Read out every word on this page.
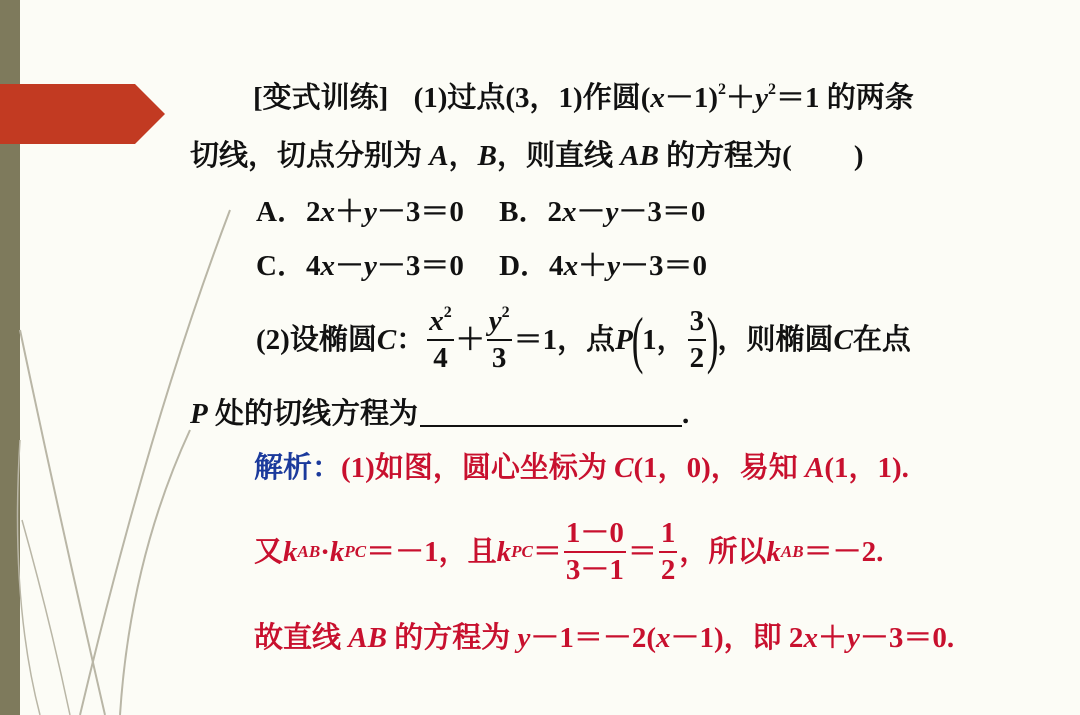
[变式训练] (1)过点(3，1)作圆$(x-1)^2+y^2=1$ 的两条
切线，切点分别为 A，B，则直线 AB 的方程为( )
A．2x＋y－3＝0 B．2x－y－3＝0
C．4x－y－3＝0 D．4x＋y－3＝0
(2)设椭圆 C ： $\frac{x^2}{4} + \frac{y^2}{3} =1$ ，点 P
(
1 ， $\frac{3}{2}$ )
，则椭圆 C 在点
P 处的切线方程为	.
解析：(1)如图，圆心坐标为 C(1，0)，易知 A(1，1).
又 k AB · k PC ＝－1，且 k PC ＝ $\frac{1-0}{3-1} = \frac{1}{2}$ ，所以 k AB ＝－2.
故直线 AB 的方程为 y－1＝－2(x－1)，即 2x＋y－3＝0.
